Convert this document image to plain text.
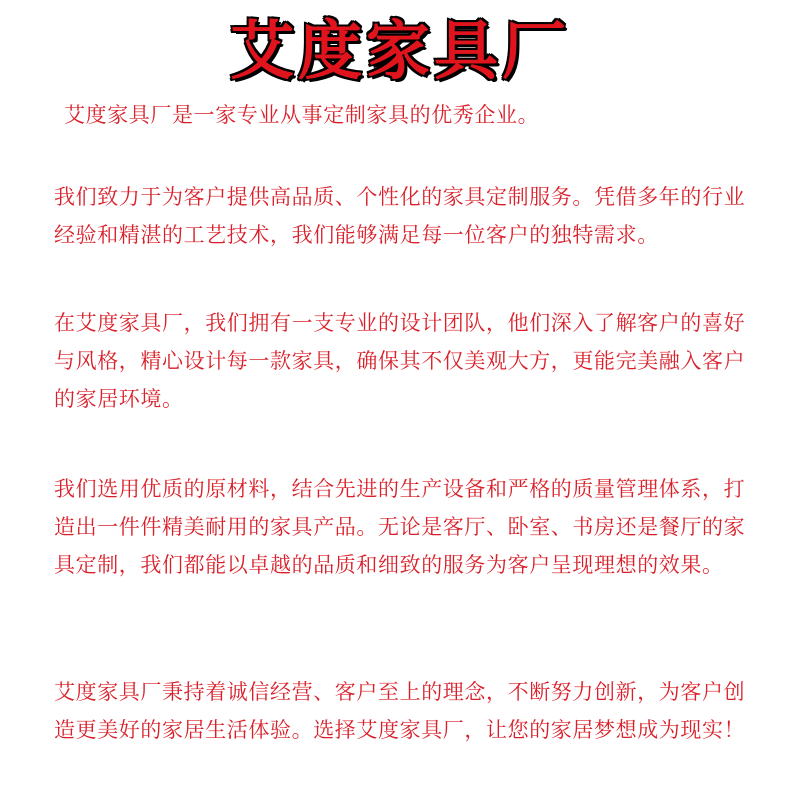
艾度家具厂

艾度家具厂是一家专业从事定制家具的优秀企业。

我们致力于为客户提供高品质、个性化的家具定制服务。凭借多年的行业经验和精湛的工艺技术，我们能够满足每一位客户的独特需求。

在艾度家具厂，我们拥有一支专业的设计团队，他们深入了解客户的喜好与风格，精心设计每一款家具，确保其不仅美观大方，更能完美融入客户的家居环境。

我们选用优质的原材料，结合先进的生产设备和严格的质量管理体系，打造出一件件精美耐用的家具产品。无论是客厅、卧室、书房还是餐厅的家具定制，我们都能以卓越的品质和细致的服务为客户呈现理想的效果。

艾度家具厂秉持着诚信经营、客户至上的理念，不断努力创新，为客户创造更美好的家居生活体验。选择艾度家具厂，让您的家居梦想成为现实！
